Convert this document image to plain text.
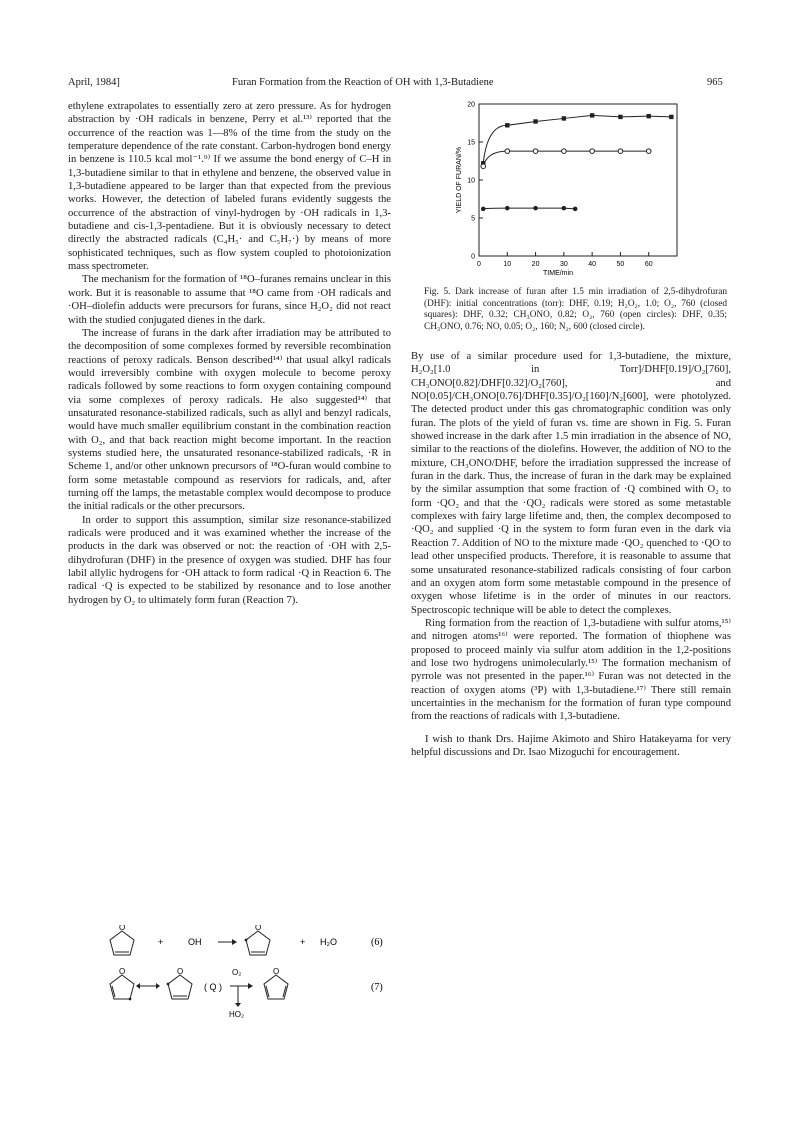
April, 1984]	Furan Formation from the Reaction of OH with 1,3-Butadiene	965

ethylene extrapolates to essentially zero at zero pressure. As for hydrogen abstraction by ·OH radicals in benzene, Perry et al.¹³⁾ reported that the occurrence of the reaction was 1—8% of the time from the study on the temperature dependence of the rate constant. Carbon-hydrogen bond energy in benzene is 110.5 kcal mol⁻¹.⁹⁾ If we assume the bond energy of C–H in 1,3-butadiene similar to that in ethylene and benzene, the observed value in 1,3-butadiene appeared to be larger than that expected from the previous works. However, the detection of labeled furans evidently suggests the occurrence of the abstraction of vinyl-hydrogen by ·OH radicals in 1,3-butadiene and cis-1,3-pentadiene. But it is obviously necessary to detect directly the abstracted radicals (C₄H₅· and C₅H₇·) by means of more sophisticated techniques, such as flow system coupled to photoionization mass spectrometer.

The mechanism for the formation of ¹⁸O–furanes remains unclear in this work. But it is reasonable to assume that ¹⁸O came from ·OH radicals and ·OH–diolefin adducts were precursors for furans, since H₂O₂ did not react with the studied conjugated dienes in the dark.

The increase of furans in the dark after irradiation may be attributed to the decomposition of some complexes formed by reversible recombination reactions of peroxy radicals. Benson described¹⁴⁾ that usual alkyl radicals would irreversibly combine with oxygen molecule to become peroxy radicals followed by some reactions to form oxygen containing compound via some complexes of peroxy radicals. He also suggested¹⁴⁾ that unsaturated resonance-stabilized radicals, such as allyl and benzyl radicals, would have much smaller equilibrium constant in the combination reaction with O₂, and that back reaction might become important. In the reaction systems studied here, the unsaturated resonance-stabilized radicals, ·R in Scheme 1, and/or other unknown precursors of ¹⁸O-furan would combine to form some metastable compound as reserviors for radicals, and, after turning off the lamps, the metastable complex would decompose to produce the initial radicals or the other precursors.

In order to support this assumption, similar size resonance-stabilized radicals were produced and it was examined whether the increase of the products in the dark was observed or not: the reaction of ·OH with 2,5-dihydrofuran (DHF) in the presence of oxygen was studied. DHF has four labil allylic hydrogens for ·OH attack to form radical ·Q in Reaction 6. The radical ·Q is expected to be stabilized by resonance and to lose another hydrogen by O₂ to ultimately form furan (Reaction 7).

0	10	20	30	40	50	60
0
5
10
15
20
TIME/min
YIELD OF FURAN/%
Fig. 5. Dark increase of furan after 1.5 min irradiation of 2,5-dihydrofuran (DHF): initial concentrations (torr): DHF, 0.19; H₂O₂, 1.0; O₂, 760 (closed squares): DHF, 0.32; CH₃ONO, 0.82; O₂, 760 (open circles): DHF, 0.35; CH₃ONO, 0.76; NO, 0.05; O₂, 160; N₂, 600 (closed circle).

By use of a similar procedure used for 1,3-butadiene, the mixture, H₂O₂[1.0 in Torr]/DHF[0.19]/O₂[760], CH₃ONO[0.82]/DHF[0.32]/O₂[760], and NO[0.05]/CH₃ONO[0.76]/DHF[0.35]/O₂[160]/N₂[600], were photolyzed. The detected product under this gas chromatographic condition was only furan. The plots of the yield of furan vs. time are shown in Fig. 5. Furan showed increase in the dark after 1.5 min irradiation in the absence of NO, similar to the reactions of the diolefins. However, the addition of NO to the mixture, CH₃ONO/DHF, before the irradiation suppressed the increase of furan in the dark. Thus, the increase of furan in the dark may be explained by the similar assumption that some fraction of ·Q combined with O₂ to form ·QO₂ and that the ·QO₂ radicals were stored as some metastable complexes with fairy large lifetime and, then, the complex decomposed to ·QO₂ and supplied ·Q in the system to form furan even in the dark via Reaction 7. Addition of NO to the mixture made ·QO₂ quenched to ·QO to lead other unspecified products. Therefore, it is reasonable to assume that some unsaturated resonance-stabilized radicals consisting of four carbon and an oxygen atom form some metastable compound in the presence of oxygen whose lifetime is in the order of minutes in our reactors. Spectroscopic technique will be able to detect the complexes.

Ring formation from the reaction of 1,3-butadiene with sulfur atoms,¹⁵⁾ and nitrogen atoms¹⁶⁾ were reported. The formation of thiophene was proposed to proceed mainly via sulfur atom addition in the 1,2-positions and lose two hydrogens unimolecularly.¹⁵⁾ The formation mechanism of pyrrole was not presented in the paper.¹⁶⁾ Furan was not detected in the reaction of oxygen atoms (³P) with 1,3-butadiene.¹⁷⁾ There still remain uncertainties in the mechanism for the formation of furan type compound from the reactions of radicals with 1,3-butadiene.

I wish to thank Drs. Hajime Akimoto and Shiro Hatakeyama for very helpful discussions and Dr. Isao Mizoguchi for encouragement.

O
+	OH
O
+ H₂O	(6)
O	O
( Q )
O₂
HO₂
O
(7)
